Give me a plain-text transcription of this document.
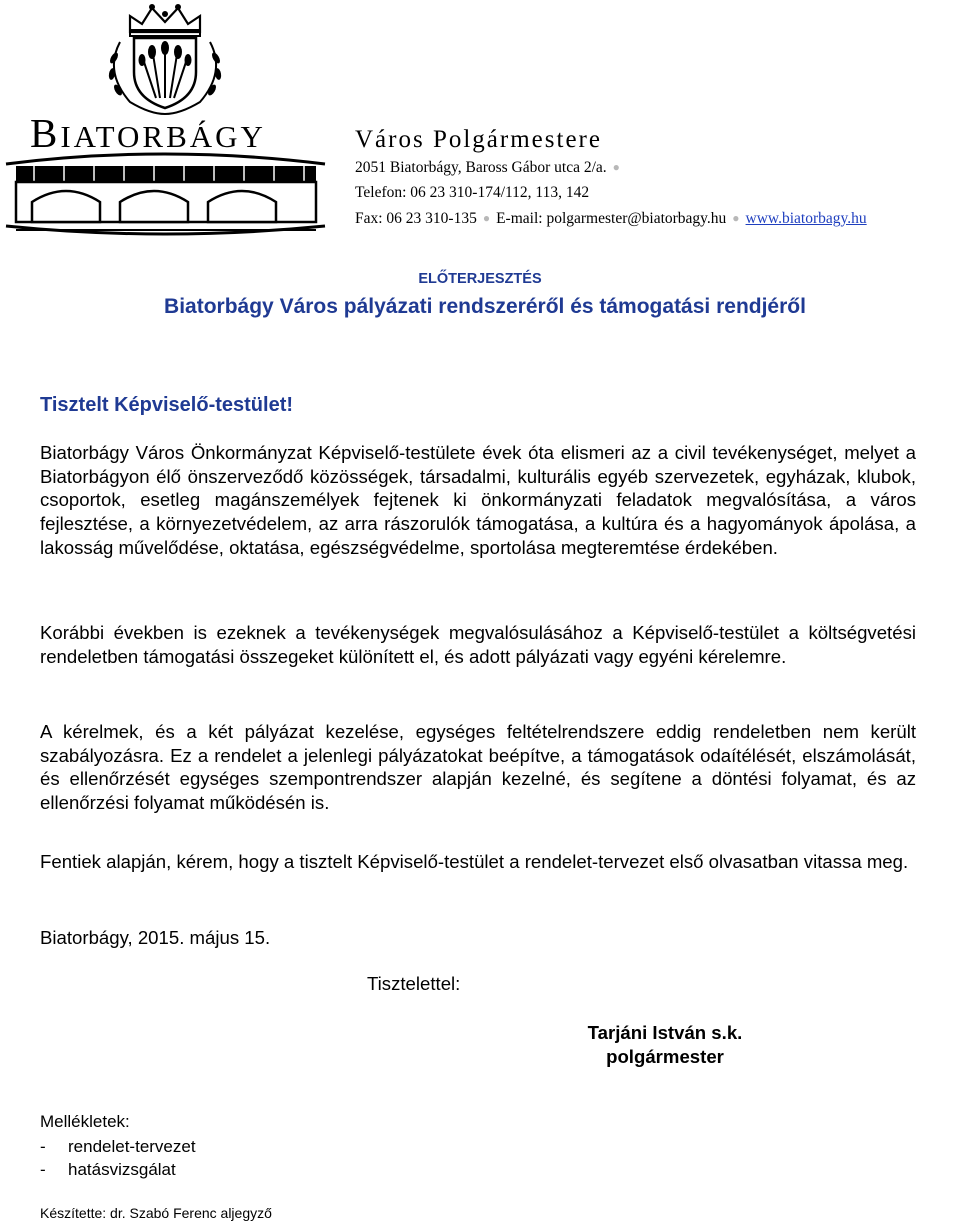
BIATORBÁGY	Város Polgármestere
2051 Biatorbágy, Baross Gábor utca 2/a. ●
Telefon: 06 23 310-174/112, 113, 142
Fax: 06 23 310-135 ● E-mail: polgarmester@biatorbagy.hu ● www.biatorbagy.hu
ELŐTERJESZTÉS
Biatorbágy Város pályázati rendszeréről és támogatási rendjéről
Tisztelt Képviselő-testület!

Biatorbágy Város Önkormányzat Képviselő-testülete évek óta elismeri az a civil tevékenységet, melyet a Biatorbágyon élő önszerveződő közösségek, társadalmi, kulturális egyéb szervezetek, egyházak, klubok, csoportok, esetleg magánszemélyek fejtenek ki önkormányzati feladatok megvalósítása, a város fejlesztése, a környezetvédelem, az arra rászorulók támogatása, a kultúra és a hagyományok ápolása, a lakosság művelődése, oktatása, egészségvédelme, sportolása megteremtése érdekében.

Korábbi években is ezeknek a tevékenységek megvalósulásához a Képviselő-testület a költségvetési rendeletben támogatási összegeket különített el, és adott pályázati vagy egyéni kérelemre.

A kérelmek, és a két pályázat kezelése, egységes feltételrendszere eddig rendeletben nem került szabályozásra. Ez a rendelet a jelenlegi pályázatokat beépítve, a támogatások odaítélését, elszámolását, és ellenőrzését egységes szempontrendszer alapján kezelné, és segítene a döntési folyamat, és az ellenőrzési folyamat működésén is.

Fentiek alapján, kérem, hogy a tisztelt Képviselő-testület a rendelet-tervezet első olvasatban vitassa meg.

Biatorbágy, 2015. május 15.
Tisztelettel:
Tarjáni István s.k.
polgármester
Mellékletek:
- rendelet-tervezet
- hatásvizsgálat
Készítette: dr. Szabó Ferenc aljegyző
